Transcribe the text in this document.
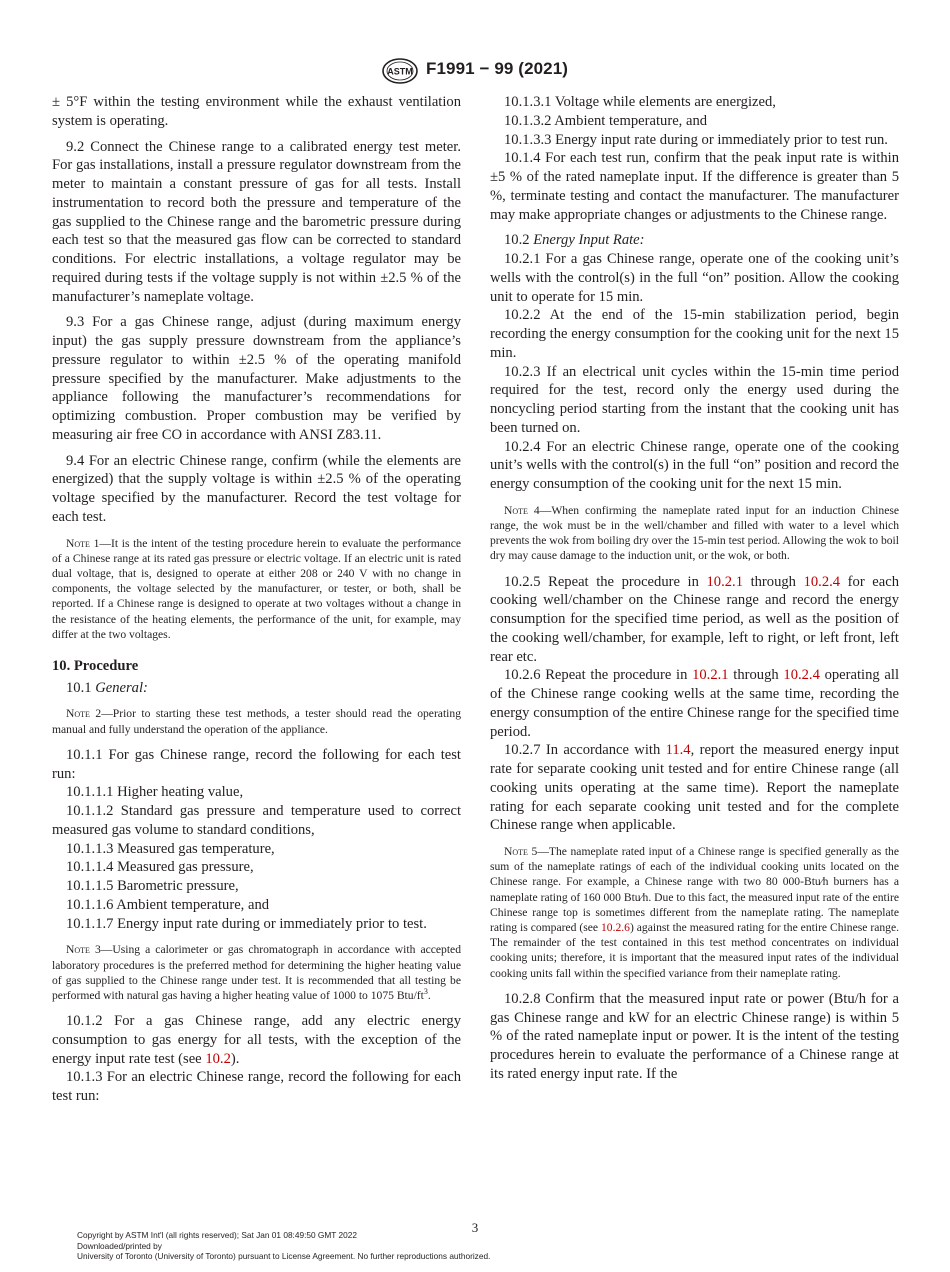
ASTM F1991 − 99 (2021)

± 5°F within the testing environment while the exhaust ventilation system is operating.

9.2 Connect the Chinese range to a calibrated energy test meter. For gas installations, install a pressure regulator downstream from the meter to maintain a constant pressure of gas for all tests. Install instrumentation to record both the pressure and temperature of the gas supplied to the Chinese range and the barometric pressure during each test so that the measured gas flow can be corrected to standard conditions. For electric installations, a voltage regulator may be required during tests if the voltage supply is not within ±2.5 % of the manufacturer’s nameplate voltage.

9.3 For a gas Chinese range, adjust (during maximum energy input) the gas supply pressure downstream from the appliance’s pressure regulator to within ±2.5 % of the operating manifold pressure specified by the manufacturer. Make adjustments to the appliance following the manufacturer’s recommendations for optimizing combustion. Proper combustion may be verified by measuring air free CO in accordance with ANSI Z83.11.

9.4 For an electric Chinese range, confirm (while the elements are energized) that the supply voltage is within ±2.5 % of the operating voltage specified by the manufacturer. Record the test voltage for each test.

Note 1—It is the intent of the testing procedure herein to evaluate the performance of a Chinese range at its rated gas pressure or electric voltage. If an electric unit is rated dual voltage, that is, designed to operate at either 208 or 240 V with no change in components, the voltage selected by the manufacturer, or tester, or both, shall be reported. If a Chinese range is designed to operate at two voltages without a change in the resistance of the heating elements, the performance of the unit, for example, may differ at the two voltages.

10. Procedure

10.1 General:

Note 2—Prior to starting these test methods, a tester should read the operating manual and fully understand the operation of the appliance.

10.1.1 For gas Chinese range, record the following for each test run:

10.1.1.1 Higher heating value,

10.1.1.2 Standard gas pressure and temperature used to correct measured gas volume to standard conditions,

10.1.1.3 Measured gas temperature,

10.1.1.4 Measured gas pressure,

10.1.1.5 Barometric pressure,

10.1.1.6 Ambient temperature, and

10.1.1.7 Energy input rate during or immediately prior to test.

Note 3—Using a calorimeter or gas chromatograph in accordance with accepted laboratory procedures is the preferred method for determining the higher heating value of gas supplied to the Chinese range under test. It is recommended that all testing be performed with natural gas having a higher heating value of 1000 to 1075 Btu/$ft^3$.

10.1.2 For a gas Chinese range, add any electric energy consumption to gas energy for all tests, with the exception of the energy input rate test (see 10.2).

10.1.3 For an electric Chinese range, record the following for each test run:

10.1.3.1 Voltage while elements are energized,

10.1.3.2 Ambient temperature, and

10.1.3.3 Energy input rate during or immediately prior to test run.

10.1.4 For each test run, confirm that the peak input rate is within ±5 % of the rated nameplate input. If the difference is greater than 5 %, terminate testing and contact the manufacturer. The manufacturer may make appropriate changes or adjustments to the Chinese range.

10.2 Energy Input Rate:

10.2.1 For a gas Chinese range, operate one of the cooking unit’s wells with the control(s) in the full “on” position. Allow the cooking unit to operate for 15 min.

10.2.2 At the end of the 15-min stabilization period, begin recording the energy consumption for the cooking unit for the next 15 min.

10.2.3 If an electrical unit cycles within the 15-min time period required for the test, record only the energy used during the noncycling period starting from the instant that the cooking unit has been turned on.

10.2.4 For an electric Chinese range, operate one of the cooking unit’s wells with the control(s) in the full “on” position and record the energy consumption of the cooking unit for the next 15 min.

Note 4—When confirming the nameplate rated input for an induction Chinese range, the wok must be in the well/chamber and filled with water to a level which prevents the wok from boiling dry over the 15-min test period. Allowing the wok to boil dry may cause damage to the induction unit, or the wok, or both.

10.2.5 Repeat the procedure in 10.2.1 through 10.2.4 for each cooking well/chamber on the Chinese range and record the energy consumption for the specified time period, as well as the position of the cooking well/chamber, for example, left to right, or left front, left rear etc.

10.2.6 Repeat the procedure in 10.2.1 through 10.2.4 operating all of the Chinese range cooking wells at the same time, recording the energy consumption of the entire Chinese range for the specified time period.

10.2.7 In accordance with 11.4, report the measured energy input rate for separate cooking unit tested and for entire Chinese range (all cooking units operating at the same time). Report the nameplate rating for each separate cooking unit tested and for the complete Chinese range when applicable.

Note 5—The nameplate rated input of a Chinese range is specified generally as the sum of the nameplate ratings of each of the individual cooking units located on the Chinese range. For example, a Chinese range with two 80 000-Btu⁄h burners has a nameplate rating of 160 000 Btu⁄h. Due to this fact, the measured input rate of the entire Chinese range top is sometimes different from the nameplate rating. The nameplate rating is compared (see 10.2.6) against the measured rating for the entire Chinese range. The remainder of the test contained in this test method concentrates on individual cooking units; therefore, it is important that the measured input rates of the individual cooking units fall within the specified variance from their nameplate rating.

10.2.8 Confirm that the measured input rate or power (Btu/h for a gas Chinese range and kW for an electric Chinese range) is within 5 % of the rated nameplate input or power. It is the intent of the testing procedures herein to evaluate the performance of a Chinese range at its rated energy input rate. If the

3
Copyright by ASTM Int'l (all rights reserved); Sat Jan 01 08:49:50 GMT 2022
Downloaded/printed by
University of Toronto (University of Toronto) pursuant to License Agreement. No further reproductions authorized.
